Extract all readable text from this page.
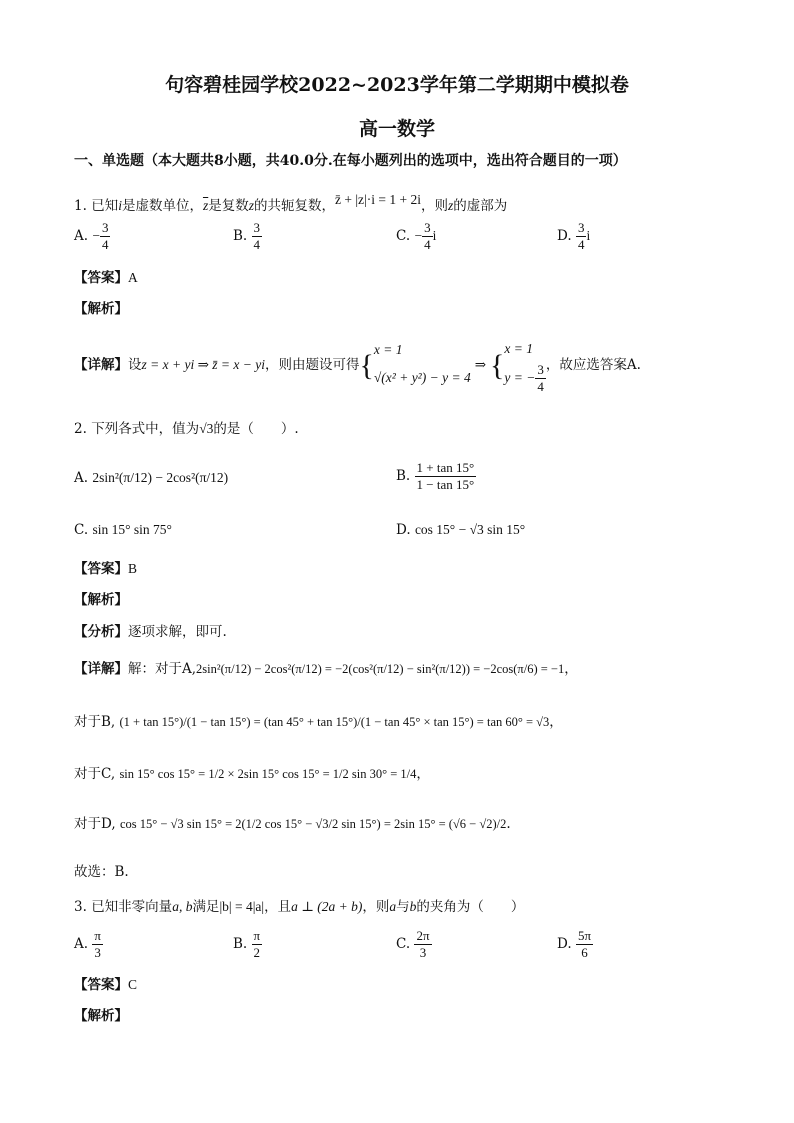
句容碧桂园学校2022~2023学年第二学期期中模拟卷
高一数学
一、单选题（本大题共8小题，共40.0分.在每小题列出的选项中，选出符合题目的一项）
1. 已知i是虚数单位，$\overline{z}$是复数z的共轭复数，z̄ + |z|·i = 1 + 2i，则z的虚部为
A. − $\frac{3}{4}$	B. $\frac{3}{4}$	C. − $\frac{3}{4}$ i	D. $\frac{3}{4}$ i
【答案】A
【解析】
【详解】设z = x + yi ⇒ z̄ = x − yi，则由题设可得{ x = 1
√(x² + y²) − y = 4
⇒ { x = 1
y = − $\frac{3}{4}$ ，故应选答案A.
2. 下列各式中，值为√3的是（　　）.
A. 2sin²(π/12) − 2cos²(π/12)	B. $\frac{1 + \tan 15^\circ}{1 - \tan 15^\circ}$
C. sin 15° sin 75°	D. cos 15° − √3 sin 15°
【答案】B
【解析】
【分析】逐项求解，即可.
【详解】解：对于A,2sin²(π/12) − 2cos²(π/12) = −2(cos²(π/12) − sin²(π/12)) = −2cos(π/6) = −1，
对于B, (1 + tan 15°)/(1 − tan 15°) = (tan 45° + tan 15°)/(1 − tan 45° × tan 15°) = tan 60° = √3，
对于C, sin 15° cos 15° = 1/2 × 2sin 15° cos 15° = 1/2 sin 30° = 1/4，
对于D, cos 15° − √3 sin 15° = 2(1/2 cos 15° − √3/2 sin 15°) = 2sin 15° = (√6 − √2)/2.
故选：B.
3. 已知非零向量a, b满足|b| = 4|a|，且a ⊥ (2a + b)，则a与b的夹角为（　　）
A. $\frac{\pi}{3}$	B. $\frac{\pi}{2}$	C. $\frac{2\pi}{3}$	D. $\frac{5\pi}{6}$
【答案】C
【解析】
